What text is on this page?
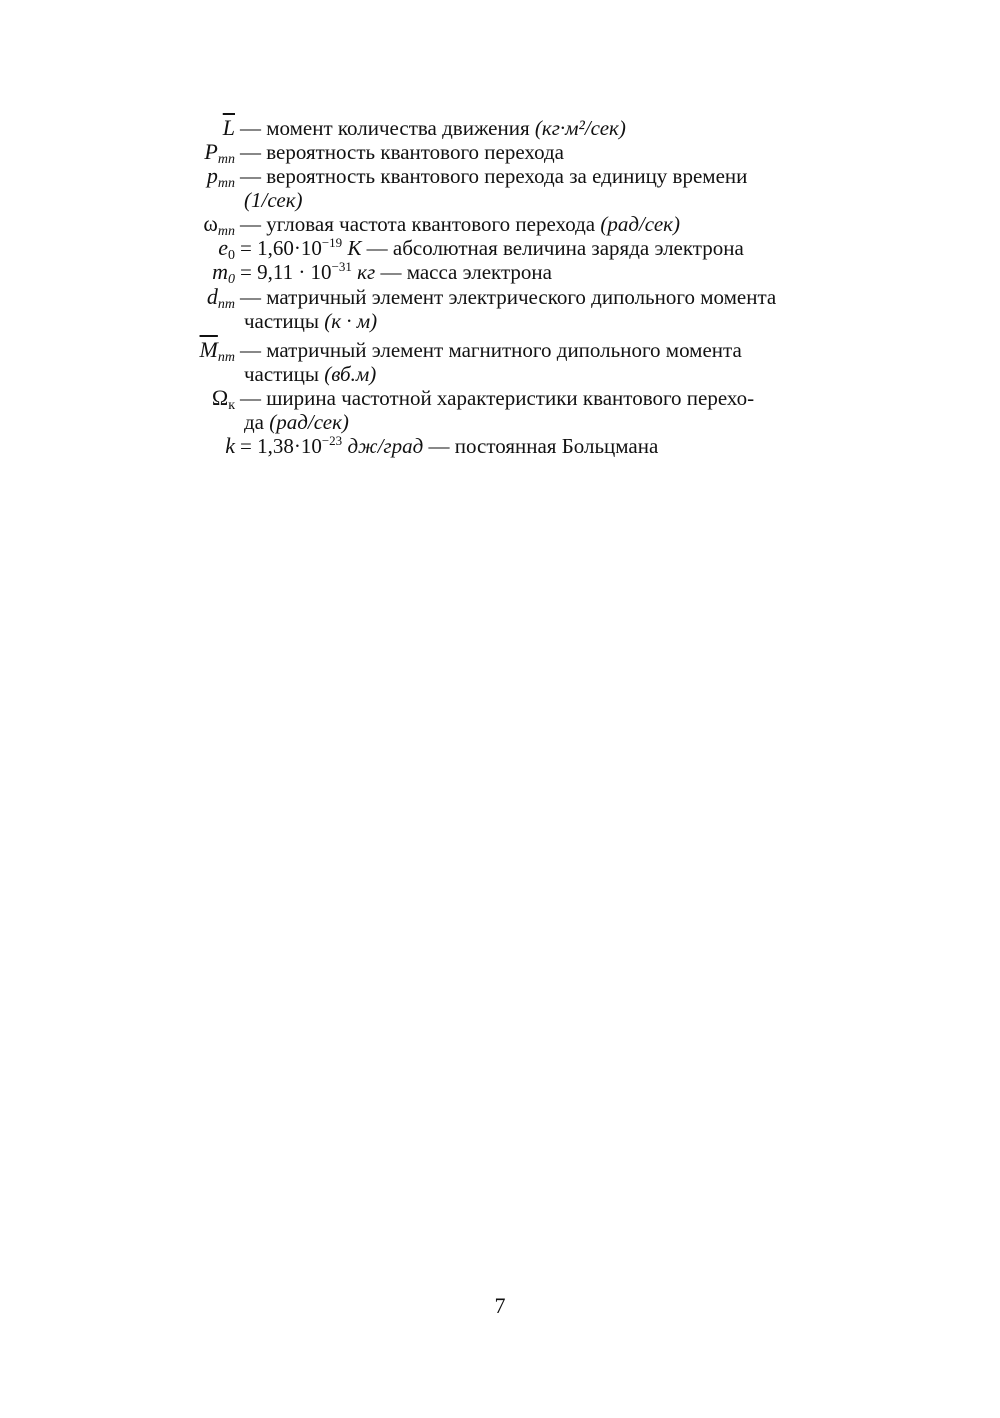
$\overline{L}$ — момент количества движения (кг·м²/сек)
$P_{mn}$ — вероятность квантового перехода
$p_{mn}$ — вероятность квантового перехода за единицу времени
(1/сек)
$\omega_{mn}$ — угловая частота квантового перехода (рад/сек)
$e_0 = 1,60\cdot 10^{-19}$ К — абсолютная величина заряда электрона
$m_0 = 9,11 \cdot 10^{-31}$ кг — масса электрона
$d_{nm}$ — матричный элемент электрического дипольного момента
частицы (к · м)
$\overline{M}_{nm}$ — матричный элемент магнитного дипольного момента
частицы (вб.м)
$\Omega_к$ — ширина частотной характеристики квантового перехо-
да (рад/сек)
$k = 1,38\cdot 10^{-23}$ дж/град — постоянная Больцмана
7
